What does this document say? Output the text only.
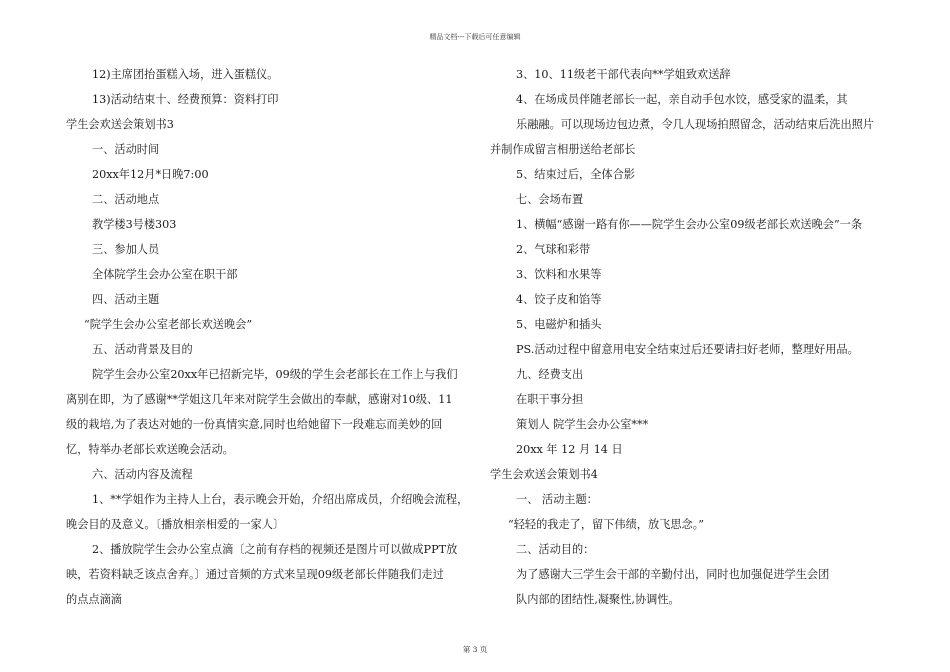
精品文档---下载后可任意编辑
12)主席团抬蛋糕入场，进入蛋糕仪。
13)活动结束十、经费预算：资料打印
学生会欢送会策划书3
一、活动时间
20xx年12月*日晚7:00
二、活动地点
教学楼3号楼303
三、参加人员
全体院学生会办公室在职干部
四、活动主题
“院学生会办公室老部长欢送晚会”
五、活动背景及目的
院学生会办公室20xx年已招新完毕，09级的学生会老部长在工作上与我们
离别在即，为了感谢**学姐这几年来对院学生会做出的奉献，感谢对10级、11
级的栽培,为了表达对她的一份真情实意,同时也给她留下一段难忘而美妙的回
忆，特举办老部长欢送晚会活动。
六、活动内容及流程
1、**学姐作为主持人上台，表示晚会开始，介绍出席成员，介绍晚会流程，
晚会目的及意义。〔播放相亲相爱的一家人〕
2、播放院学生会办公室点滴〔之前有存档的视频还是图片可以做成PPT放
映，若资料缺乏该点舍弃。〕通过音频的方式来呈现09级老部长伴随我们走过
的点点滴滴
3、10、11级老干部代表向**学姐致欢送辞
4、在场成员伴随老部长一起，亲自动手包水饺，感受家的温柔，其
乐融融。可以现场边包边煮，令几人现场拍照留念，活动结束后洗出照片
并制作成留言相册送给老部长
5、结束过后，全体合影
七、会场布置
1、横幅“感谢一路有你——院学生会办公室09级老部长欢送晚会”一条
2、气球和彩带
3、饮料和水果等
4、饺子皮和馅等
5、电磁炉和插头
PS.活动过程中留意用电安全结束过后还要请扫好老师，整理好用品。
九、经费支出
在职干事分担
策划人 院学生会办公室***
20xx 年 12 月 14 日
学生会欢送会策划书4
一、 活动主题：
“轻轻的我走了，留下伟绩，放飞思念。”
二、活动目的：
为了感谢大三学生会干部的辛勤付出，同时也加强促进学生会团
队内部的团结性,凝聚性,协调性。
第 3 页
